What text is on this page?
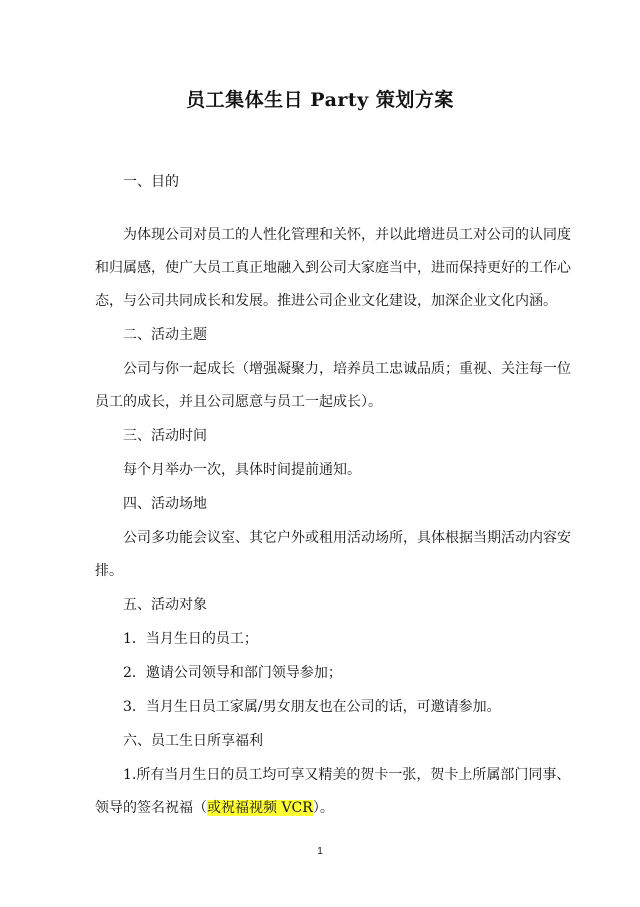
员工集体生日 Party 策划方案
一、目的
为体现公司对员工的人性化管理和关怀，并以此增进员工对公司的认同度
和归属感，使广大员工真正地融入到公司大家庭当中，进而保持更好的工作心
态，与公司共同成长和发展。推进公司企业文化建设，加深企业文化内涵。
二、活动主题
公司与你一起成长（增强凝聚力，培养员工忠诚品质；重视、关注每一位
员工的成长，并且公司愿意与员工一起成长）。
三、活动时间
每个月举办一次，具体时间提前通知。
四、活动场地
公司多功能会议室、其它户外或租用活动场所，具体根据当期活动内容安
排。
五、活动对象
1．当月生日的员工；
2．邀请公司领导和部门领导参加；
3．当月生日员工家属/男女朋友也在公司的话，可邀请参加。
六、员工生日所享福利
1.所有当月生日的员工均可享又精美的贺卡一张，贺卡上所属部门同事、
领导的签名祝福（或祝福视频 VCR）。
1
